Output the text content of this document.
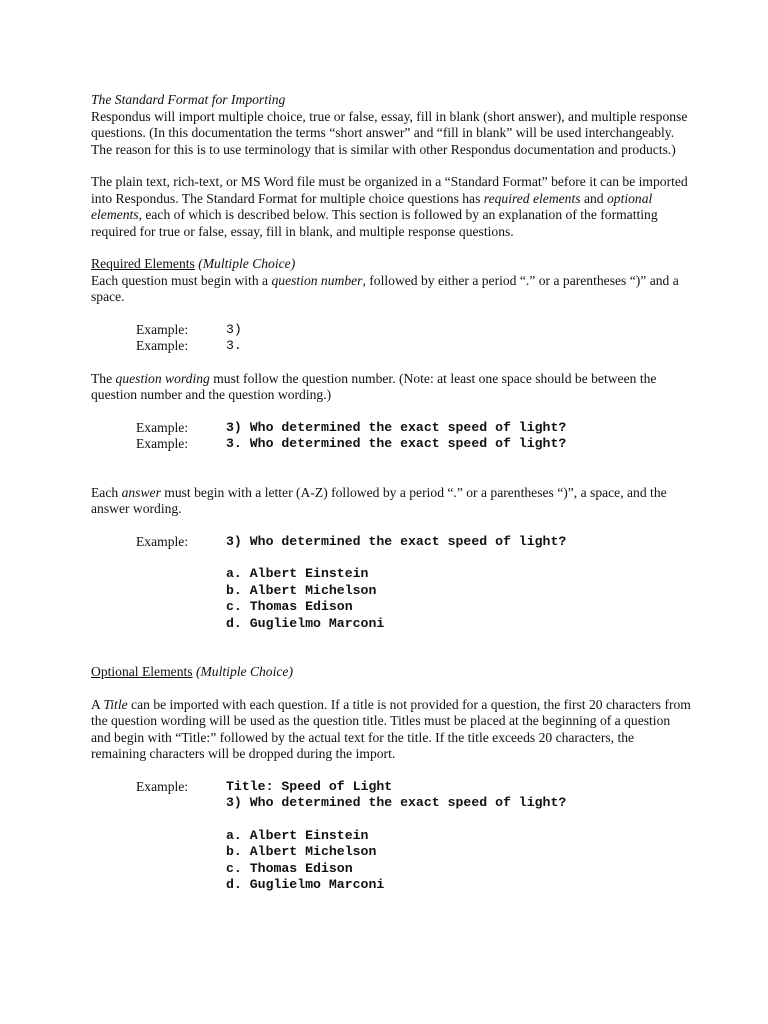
The Standard Format for Importing

Respondus will import multiple choice, true or false, essay, fill in blank (short answer), and multiple response questions. (In this documentation the terms “short answer” and “fill in blank” will be used interchangeably. The reason for this is to use terminology that is similar with other Respondus documentation and products.)

The plain text, rich-text, or MS Word file must be organized in a “Standard Format” before it can be imported into Respondus. The Standard Format for multiple choice questions has required elements and optional elements, each of which is described below. This section is followed by an explanation of the formatting required for true or false, essay, fill in blank, and multiple response questions.

Required Elements (Multiple Choice)

Each question must begin with a question number, followed by either a period “.” or a parentheses “)” and a space.

Example:	3)
Example:	3.

The question wording must follow the question number. (Note: at least one space should be between the question number and the question wording.)

Example:	3) Who determined the exact speed of light?
Example:	3. Who determined the exact speed of light?

Each answer must begin with a letter (A-Z) followed by a period “.” or a parentheses “)”, a space, and the answer wording.

Example:	3) Who determined the exact speed of light?
a. Albert Einstein
b. Albert Michelson
c. Thomas Edison
d. Guglielmo Marconi

Optional Elements (Multiple Choice)

A Title can be imported with each question. If a title is not provided for a question, the first 20 characters from the question wording will be used as the question title. Titles must be placed at the beginning of a question and begin with “Title:” followed by the actual text for the title. If the title exceeds 20 characters, the remaining characters will be dropped during the import.

Example:	Title: Speed of Light
3) Who determined the exact speed of light?
a. Albert Einstein
b. Albert Michelson
c. Thomas Edison
d. Guglielmo Marconi
